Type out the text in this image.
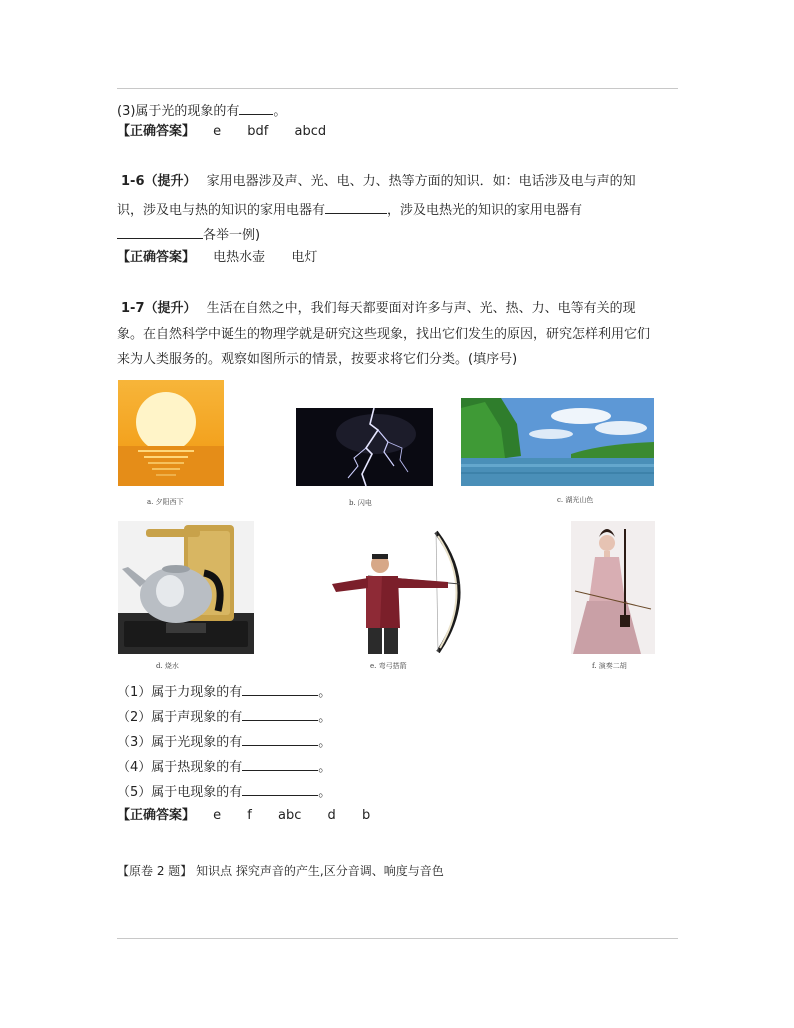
(3)属于光的现象的有	。
【正确答案】 e bdf abcd
1-6（提升） 家用电器涉及声、光、电、力、热等方面的知识．如：电话涉及电与声的知
识，涉及电与热的知识的家用电器有	，涉及电热光的知识的家用电器有
各举一例)
【正确答案】 电热水壶 电灯
1-7（提升） 生活在自然之中，我们每天都要面对许多与声、光、热、力、电等有关的现
象。在自然科学中诞生的物理学就是研究这些现象，找出它们发生的原因，研究怎样利用它们
来为人类服务的。观察如图所示的情景，按要求将它们分类。(填序号)
a. 夕阳西下	b. 闪电	c. 湖光山色
d. 烧水	e. 弯弓搭箭	f. 演奏二胡
（1）属于力现象的有	。
（2）属于声现象的有	。
（3）属于光现象的有	。
（4）属于热现象的有	。
（5）属于电现象的有	。
【正确答案】 e f abc d b
【原卷 2 题】 知识点 探究声音的产生,区分音调、响度与音色
